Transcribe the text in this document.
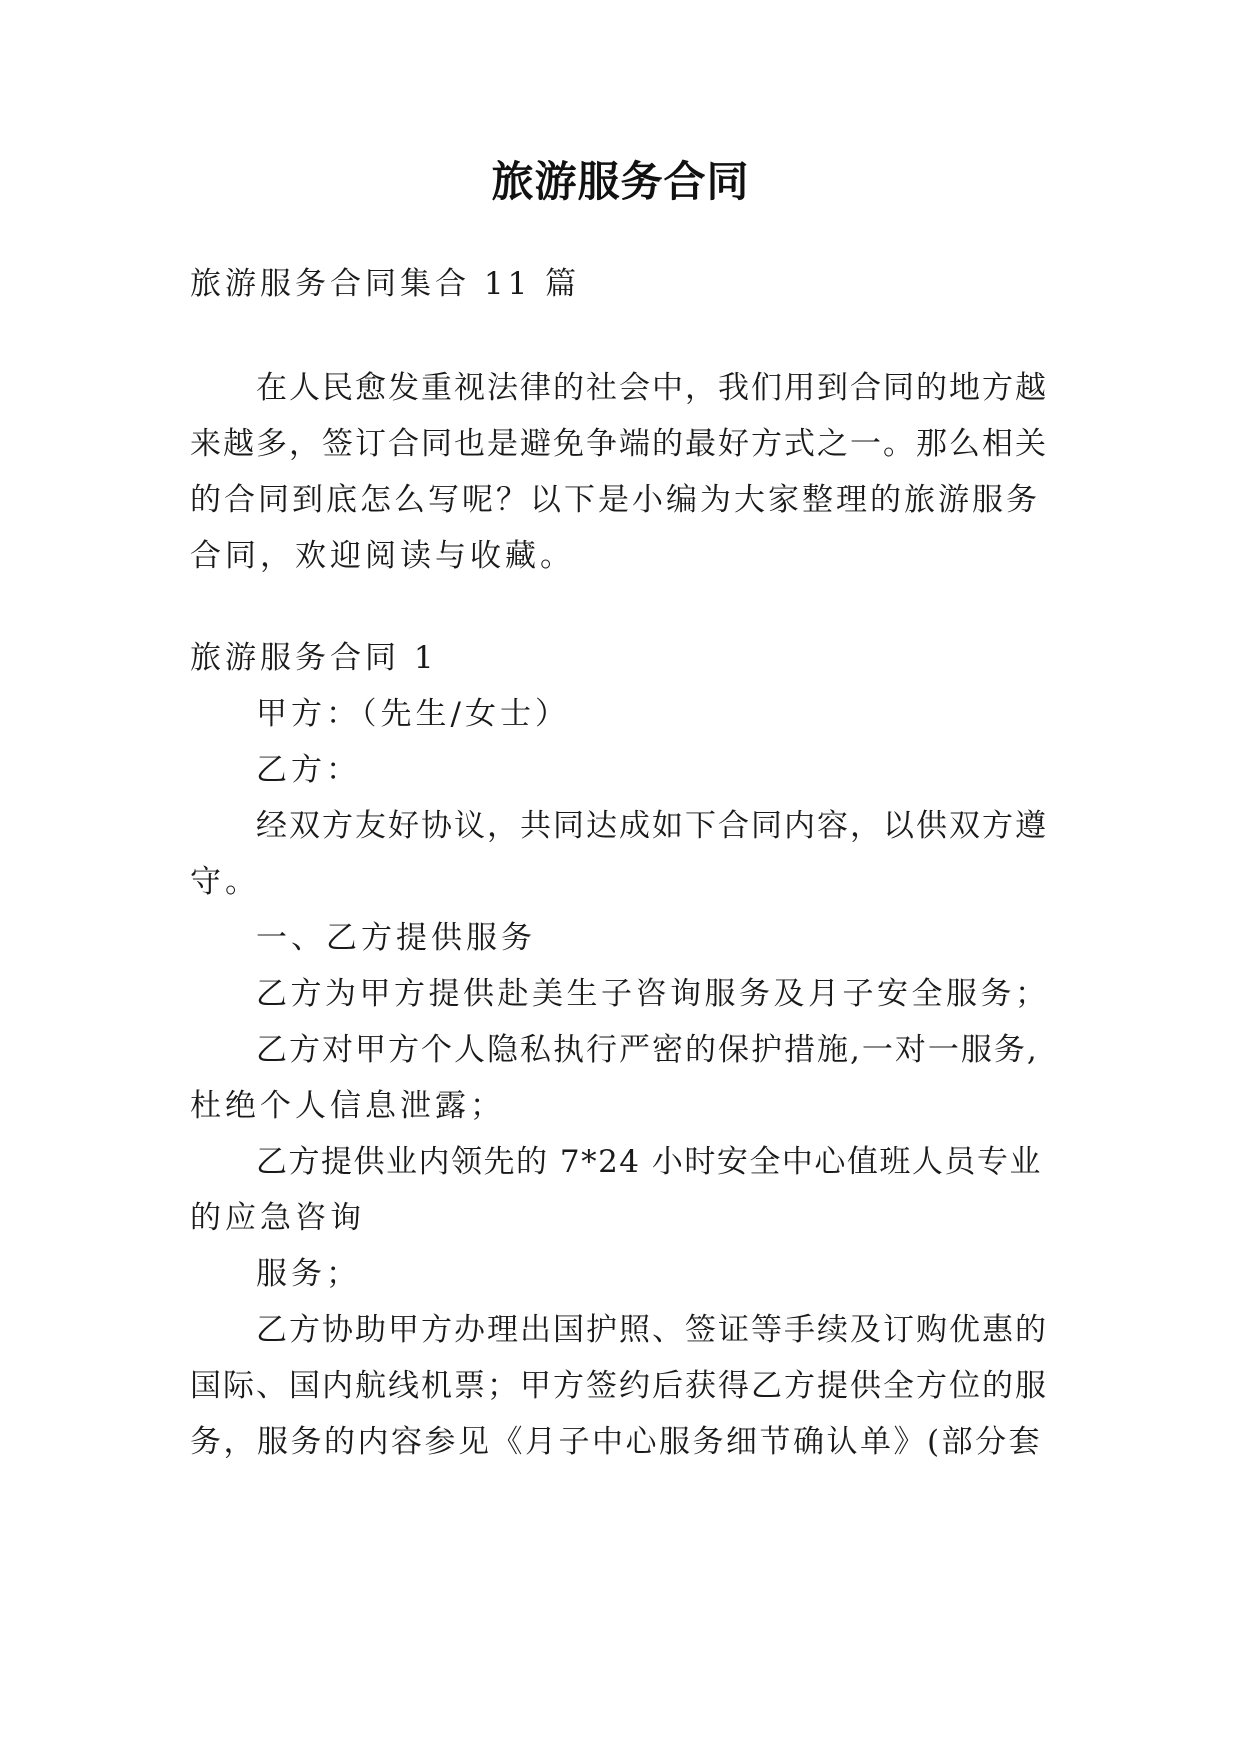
旅游服务合同
旅游服务合同集合 11 篇
在人民愈发重视法律的社会中，我们用到合同的地方越
来越多，签订合同也是避免争端的最好方式之一。那么相关
的合同到底怎么写呢？以下是小编为大家整理的旅游服务
合同，欢迎阅读与收藏。
旅游服务合同 1
甲方：（先生/女士）
乙方：
经双方友好协议，共同达成如下合同内容，以供双方遵
守。
一、乙方提供服务
乙方为甲方提供赴美生子咨询服务及月子安全服务；
乙方对甲方个人隐私执行严密的保护措施,一对一服务,
杜绝个人信息泄露；
乙方提供业内领先的 7*24 小时安全中心值班人员专业
的应急咨询
服务；
乙方协助甲方办理出国护照、签证等手续及订购优惠的
国际、国内航线机票；甲方签约后获得乙方提供全方位的服
务，服务的内容参见《月子中心服务细节确认单》(部分套
